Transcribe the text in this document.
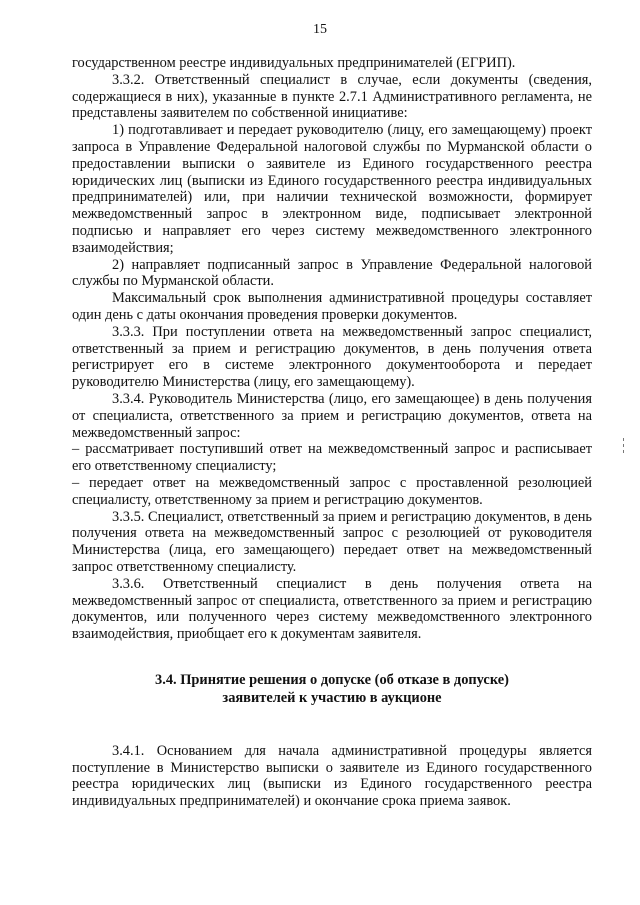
15

государственном реестре индивидуальных предпринимателей (ЕГРИП).

3.3.2. Ответственный специалист в случае, если документы (сведения, содержащиеся в них), указанные в пункте 2.7.1 Административного регламента, не представлены заявителем по собственной инициативе:

1) подготавливает и передает руководителю (лицу, его замещающему) проект запроса в Управление Федеральной налоговой службы по Мурманской области о предоставлении выписки о заявителе из Единого государственного реестра юридических лиц (выписки из Единого государственного реестра индивидуальных предпринимателей) или, при наличии технической возможности, формирует межведомственный запрос в электронном виде, подписывает электронной подписью и направляет его через систему межведомственного электронного взаимодействия;

2) направляет подписанный запрос в Управление Федеральной налоговой службы по Мурманской области.

Максимальный срок выполнения административной процедуры составляет один день с даты окончания проведения проверки документов.

3.3.3. При поступлении ответа на межведомственный запрос специалист, ответственный за прием и регистрацию документов, в день получения ответа регистрирует его в системе электронного документооборота и передает руководителю Министерства (лицу, его замещающему).

3.3.4. Руководитель Министерства (лицо, его замещающее) в день получения от специалиста, ответственного за прием и регистрацию документов, ответа на межведомственный запрос:

– рассматривает поступивший ответ на межведомственный запрос и расписывает его ответственному специалисту;

– передает ответ на межведомственный запрос с проставленной резолюцией специалисту, ответственному за прием и регистрацию документов.

3.3.5. Специалист, ответственный за прием и регистрацию документов, в день получения ответа на межведомственный запрос с резолюцией от руководителя Министерства (лица, его замещающего) передает ответ на межведомственный запрос ответственному специалисту.

3.3.6. Ответственный специалист в день получения ответа на межведомственный запрос от специалиста, ответственного за прием и регистрацию документов, или полученного через систему межведомственного электронного взаимодействия, приобщает его к документам заявителя.

3.4. Принятие решения о допуске (об отказе в допуске)
заявителей к участию в аукционе

3.4.1. Основанием для начала административной процедуры является поступление в Министерство выписки о заявителе из Единого государственного реестра юридических лиц (выписки из Единого государственного реестра индивидуальных предпринимателей) и окончание срока приема заявок.
